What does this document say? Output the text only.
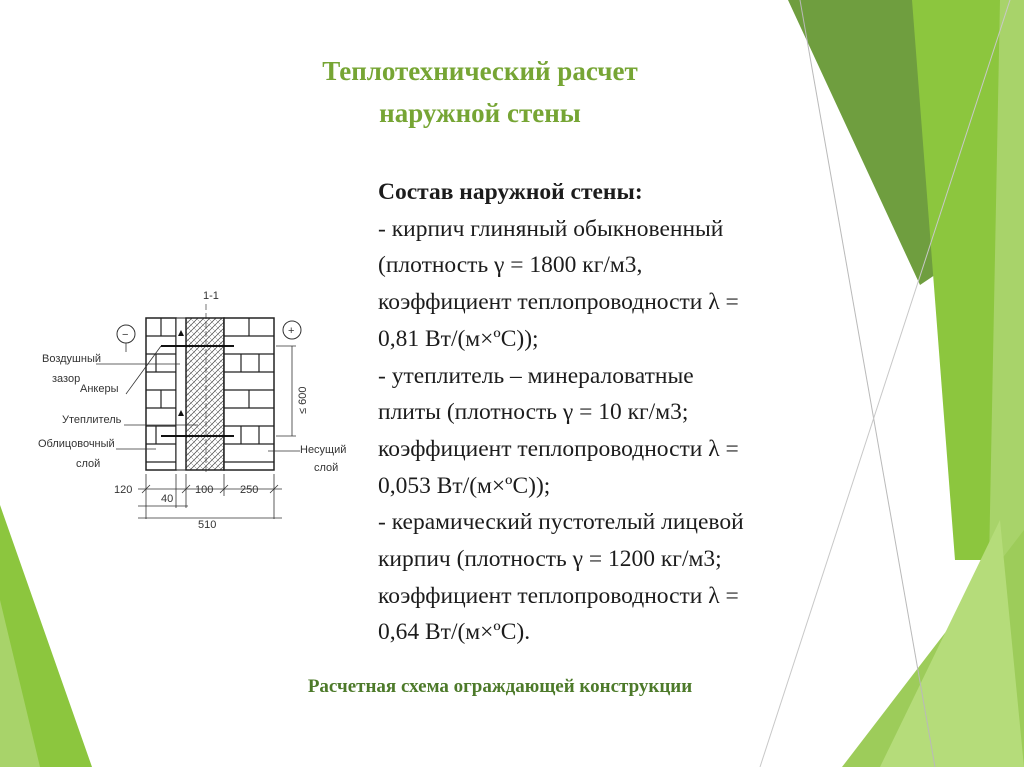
Теплотехнический расчет
наружной стены
1-1
−	+
Воздушный
зазор
Анкеры
Утеплитель
Облицовочный
слой
Несущий
слой
≤ 600
120	100 250
40
510
Состав наружной стены:
- кирпич глиняный обыкновенный
(плотность γ = 1800 кг/м3,
коэффициент теплопроводности λ =
0,81 Вт/(м×ºС));
- утеплитель – минераловатные
плиты (плотность γ = 10 кг/м3;
коэффициент теплопроводности λ =
0,053 Вт/(м×ºС));
- керамический пустотелый лицевой
кирпич (плотность γ = 1200 кг/м3;
коэффициент теплопроводности λ =
0,64 Вт/(м×ºС).
Расчетная схема ограждающей конструкции
